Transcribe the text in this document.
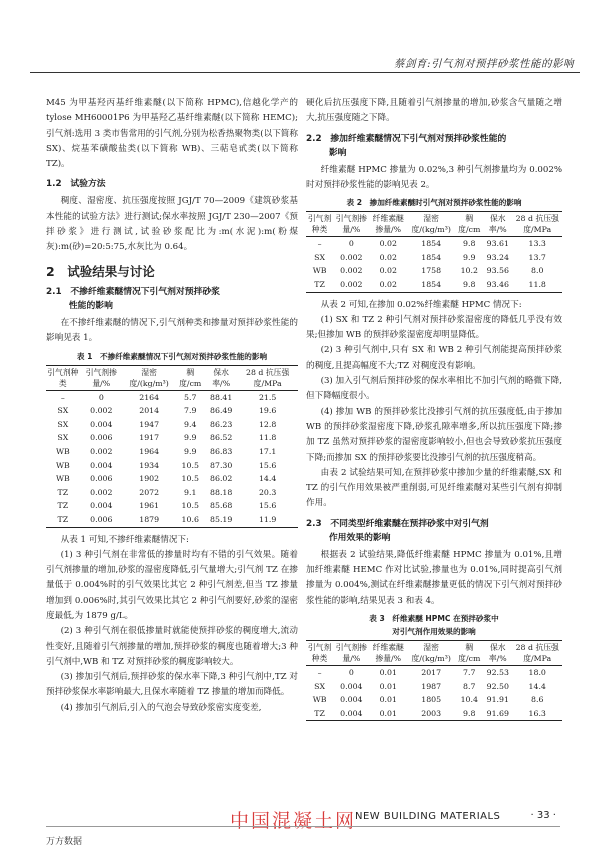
蔡剑育:引气剂对预拌砂浆性能的影响
M45 为甲基羟丙基纤维素醚(以下简称 HPMC),信越化学产的 tylose MH60001P6 为甲基羟乙基纤维素醚(以下简称 HEMC);引气剂:选用 3 类市售常用的引气剂,分别为松香热聚物类(以下简称 SX)、烷基苯磺酸盐类(以下简称 WB)、三萜皂甙类(以下简称 TZ)。
1.2　试验方法
稠度、湿密度、抗压强度按照 JGJ/T 70—2009《建筑砂浆基本性能的试验方法》进行测试;保水率按照 JGJ/T 230—2007《预拌砂浆》进行测试,试验砂浆配比为:m(水泥):m(粉煤灰):m(砂)=20:5:75,水灰比为 0.64。
2　试验结果与讨论
2.1　不掺纤维素醚情况下引气剂对预拌砂浆
性能的影响
在不掺纤维素醚的情况下,引气剂种类和掺量对预拌砂浆性能的影响见表 1。
表 1　不掺纤维素醚情况下引气剂对预拌砂浆性能的影响
引气剂种类	引气剂掺量/%	湿密度/(kg/m³)	稠度/cm	保水率/%	28 d 抗压强度/MPa
–	0	2164	5.7	88.41	21.5
SX	0.002	2014	7.9	86.49	19.6
SX	0.004	1947	9.4	86.23	12.8
SX	0.006	1917	9.9	86.52	11.8
WB	0.002	1964	9.9	86.83	17.1
WB	0.004	1934	10.5	87.30	15.6
WB	0.006	1902	10.5	86.02	14.4
TZ	0.002	2072	9.1	88.18	20.3
TZ	0.004	1961	10.5	85.68	15.6
TZ	0.006	1879	10.6	85.19	11.9
从表 1 可知,不掺纤维素醚情况下:
(1) 3 种引气剂在非常低的掺量时均有不错的引气效果。随着引气剂掺量的增加,砂浆的湿密度降低,引气量增大;引气剂 TZ 在掺量低于 0.004%时的引气效果比其它 2 种引气剂差,但当 TZ 掺量增加到 0.006%时,其引气效果比其它 2 种引气剂要好,砂浆的湿密度最低,为 1879 g/L。
(2) 3 种引气剂在很低掺量时就能使预拌砂浆的稠度增大,流动性变好,且随着引气剂掺量的增加,预拌砂浆的稠度也随着增大;3 种引气剂中,WB 和 TZ 对预拌砂浆的稠度影响较大。
(3) 掺加引气剂后,预拌砂浆的保水率下降,3 种引气剂中,TZ 对预拌砂浆保水率影响最大,且保水率随着 TZ 掺量的增加而降低。
(4) 掺加引气剂后,引入的气泡会导致砂浆密实度变差,
硬化后抗压强度下降,且随着引气剂掺量的增加,砂浆含气量随之增大,抗压强度随之下降。
2.2　掺加纤维素醚情况下引气剂对预拌砂浆性能的
影响
纤维素醚 HPMC 掺量为 0.02%,3 种引气剂掺量均为 0.002%时对预拌砂浆性能的影响见表 2。
表 2　掺加纤维素醚时引气剂对预拌砂浆性能的影响
引气剂种类	引气剂掺量/%	纤维素醚掺量/%	湿密度/(kg/m³)	稠度/cm	保水率/%	28 d 抗压强度/MPa
–	0	0.02	1854	9.8	93.61	13.3
SX	0.002	0.02	1854	9.9	93.24	13.7
WB	0.002	0.02	1758	10.2	93.56	8.0
TZ	0.002	0.02	1854	9.8	93.46	11.8
从表 2 可知,在掺加 0.02%纤维素醚 HPMC 情况下:
(1) SX 和 TZ 2 种引气剂对预拌砂浆湿密度的降低几乎没有效果;但掺加 WB 的预拌砂浆湿密度却明显降低。
(2) 3 种引气剂中,只有 SX 和 WB 2 种引气剂能提高预拌砂浆的稠度,且提高幅度不大;TZ 对稠度没有影响。
(3) 加入引气剂后预拌砂浆的保水率相比不加引气剂的略微下降,但下降幅度很小。
(4) 掺加 WB 的预拌砂浆比没掺引气剂的抗压强度低,由于掺加 WB 的预拌砂浆湿密度下降,砂浆孔隙率增多,所以抗压强度下降;掺加 TZ 虽然对预拌砂浆的湿密度影响较小,但也会导致砂浆抗压强度下降;而掺加 SX 的预拌砂浆要比没掺引气剂的抗压强度稍高。
由表 2 试验结果可知,在预拌砂浆中掺加少量的纤维素醚,SX 和 TZ 的引气作用效果被严重削弱,可见纤维素醚对某些引气剂有抑制作用。
2.3　不同类型纤维素醚在预拌砂浆中对引气剂
作用效果的影响
根据表 2 试验结果,降低纤维素醚 HPMC 掺量为 0.01%,且增加纤维素醚 HEMC 作对比试验,掺量也为 0.01%,同时提高引气剂掺量为 0.004%,测试在纤维素醚掺量更低的情况下引气剂对预拌砂浆性能的影响,结果见表 3 和表 4。
表 3　纤维素醚 HPMC 在预拌砂浆中
对引气剂作用效果的影响
引气剂种类	引气剂掺量/%	纤维素醚掺量/%	湿密度/(kg/m³)	稠度/cm	保水率/%	28 d 抗压强度/MPa
–	0	0.01	2017	7.7	92.53	18.0
SX	0.004	0.01	1987	8.7	92.50	14.4
WB	0.004	0.01	1805	10.4	91.91	8.6
TZ	0.004	0.01	2003	9.8	91.69	16.3
中国混凝土网
NEW BUILDING MATERIALS	· 33 ·
万方数据
